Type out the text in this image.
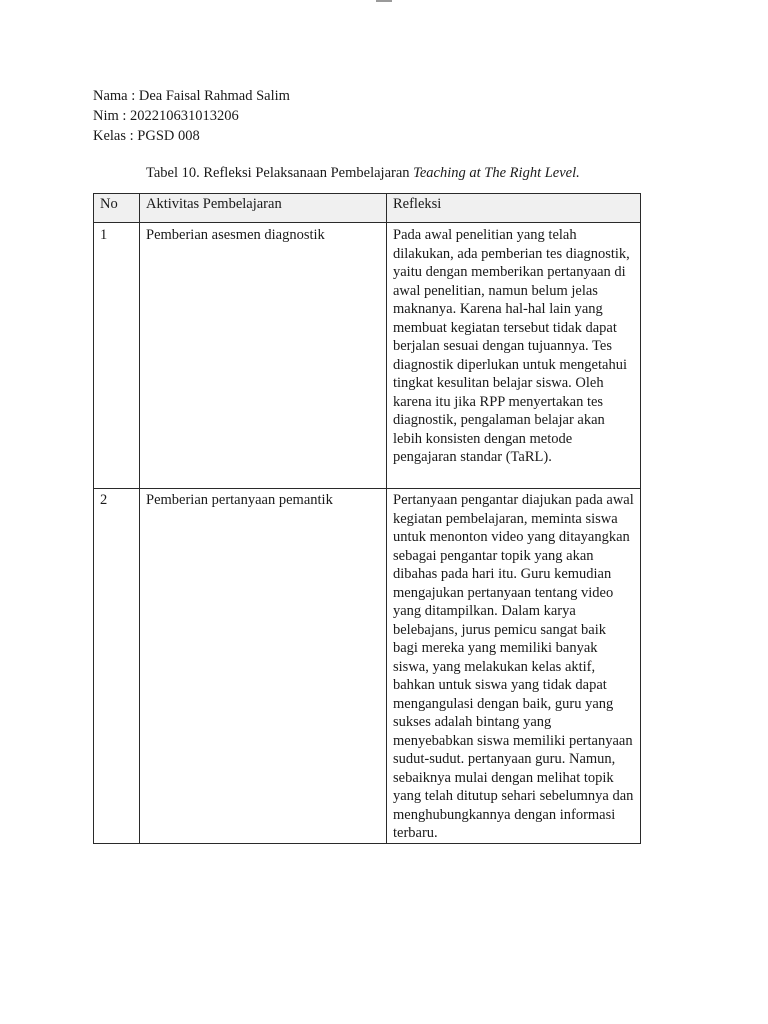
Nama : Dea Faisal Rahmad Salim
Nim : 202210631013206
Kelas : PGSD 008
Tabel 10. Refleksi Pelaksanaan Pembelajaran Teaching at The Right Level.
No	Aktivitas Pembelajaran	Refleksi
1	Pemberian asesmen diagnostik	Pada awal penelitian yang telah dilakukan, ada pemberian tes diagnostik, yaitu dengan memberikan pertanyaan di awal penelitian, namun belum jelas maknanya. Karena hal-hal lain yang membuat kegiatan tersebut tidak dapat berjalan sesuai dengan tujuannya. Tes diagnostik diperlukan untuk mengetahui tingkat kesulitan belajar siswa. Oleh karena itu jika RPP menyertakan tes diagnostik, pengalaman belajar akan lebih konsisten dengan metode pengajaran standar (TaRL).
2	Pemberian pertanyaan pemantik	Pertanyaan pengantar diajukan pada awal kegiatan pembelajaran, meminta siswa untuk menonton video yang ditayangkan sebagai pengantar topik yang akan dibahas pada hari itu. Guru kemudian mengajukan pertanyaan tentang video yang ditampilkan. Dalam karya belebajans, jurus pemicu sangat baik bagi mereka yang memiliki banyak siswa, yang melakukan kelas aktif, bahkan untuk siswa yang tidak dapat mengangulasi dengan baik, guru yang sukses adalah bintang yang menyebabkan siswa memiliki pertanyaan sudut-sudut. pertanyaan guru. Namun, sebaiknya mulai dengan melihat topik yang telah ditutup sehari sebelumnya dan menghubungkannya dengan informasi terbaru.
